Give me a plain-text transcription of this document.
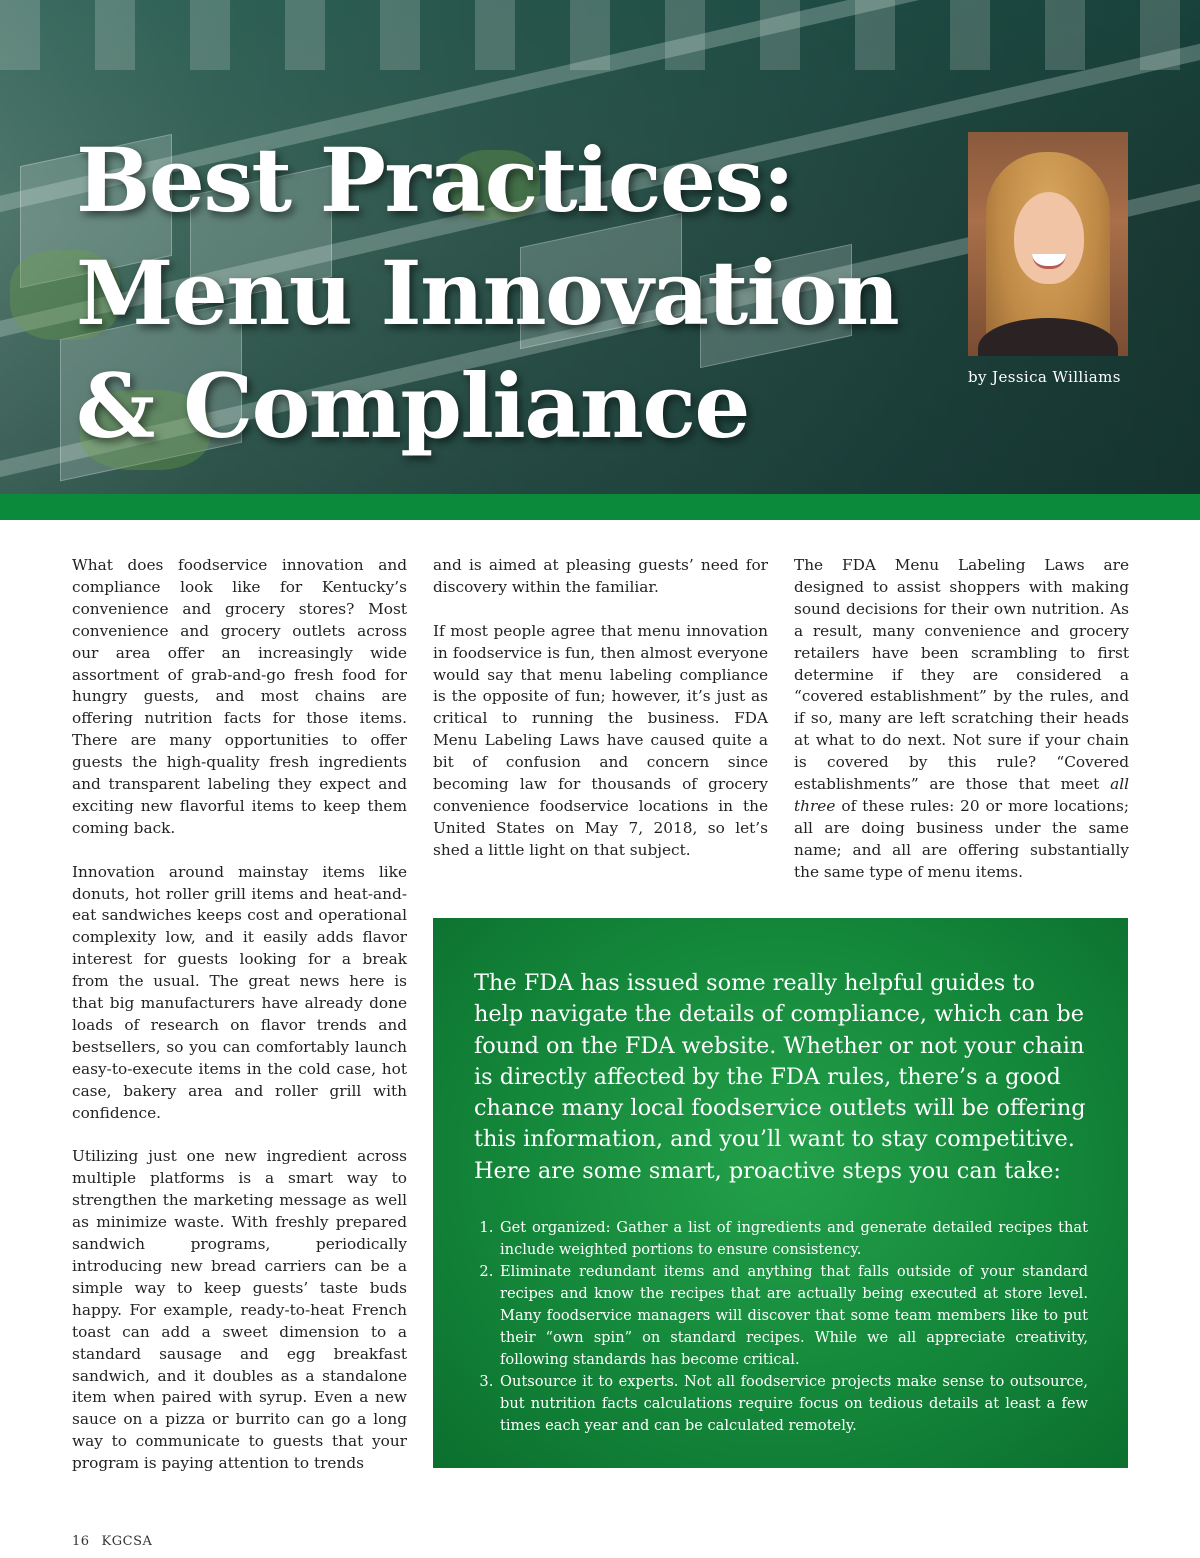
Best Practices:
Menu Innovation
& Compliance	by Jessica Williams

What does foodservice innovation and compliance look like for Kentucky’s convenience and grocery stores? Most convenience and grocery outlets across our area offer an increasingly wide assortment of grab-and-go fresh food for hungry guests, and most chains are offering nutrition facts for those items. There are many opportunities to offer guests the high-quality fresh ingredients and transparent labeling they expect and exciting new flavorful items to keep them coming back.

Innovation around mainstay items like donuts, hot roller grill items and heat-and-eat sandwiches keeps cost and operational complexity low, and it easily adds flavor interest for guests looking for a break from the usual. The great news here is that big manufacturers have already done loads of research on flavor trends and bestsellers, so you can comfortably launch easy-to-execute items in the cold case, hot case, bakery area and roller grill with confidence.

Utilizing just one new ingredient across multiple platforms is a smart way to strengthen the marketing message as well as minimize waste. With freshly prepared sandwich programs, periodically introducing new bread carriers can be a simple way to keep guests’ taste buds happy. For example, ready-to-heat French toast can add a sweet dimension to a standard sausage and egg breakfast sandwich, and it doubles as a standalone item when paired with syrup. Even a new sauce on a pizza or burrito can go a long way to communicate to guests that your program is paying attention to trends

and is aimed at pleasing guests’ need for discovery within the familiar.

If most people agree that menu innovation in foodservice is fun, then almost everyone would say that menu labeling compliance is the opposite of fun; however, it’s just as critical to running the business. FDA Menu Labeling Laws have caused quite a bit of confusion and concern since becoming law for thousands of grocery convenience foodservice locations in the United States on May 7, 2018, so let’s shed a little light on that subject.

The FDA Menu Labeling Laws are designed to assist shoppers with making sound decisions for their own nutrition. As a result, many convenience and grocery retailers have been scrambling to first determine if they are considered a “covered establishment” by the rules, and if so, many are left scratching their heads at what to do next. Not sure if your chain is covered by this rule? “Covered establishments” are those that meet all three of these rules: 20 or more locations; all are doing business under the same name; and all are offering substantially the same type of menu items.

The FDA has issued some really helpful guides to help navigate the details of compliance, which can be found on the FDA website. Whether or not your chain is directly affected by the FDA rules, there’s a good chance many local foodservice outlets will be offering this information, and you’ll want to stay competitive. Here are some smart, proactive steps you can take:

1. Get organized: Gather a list of ingredients and generate detailed recipes that include weighted portions to ensure consistency.
2. Eliminate redundant items and anything that falls outside of your standard recipes and know the recipes that are actually being executed at store level. Many foodservice managers will discover that some team members like to put their “own spin” on standard recipes. While we all appreciate creativity, following standards has become critical.
3. Outsource it to experts. Not all foodservice projects make sense to outsource, but nutrition facts calculations require focus on tedious details at least a few times each year and can be calculated remotely.

16 KGCSA
